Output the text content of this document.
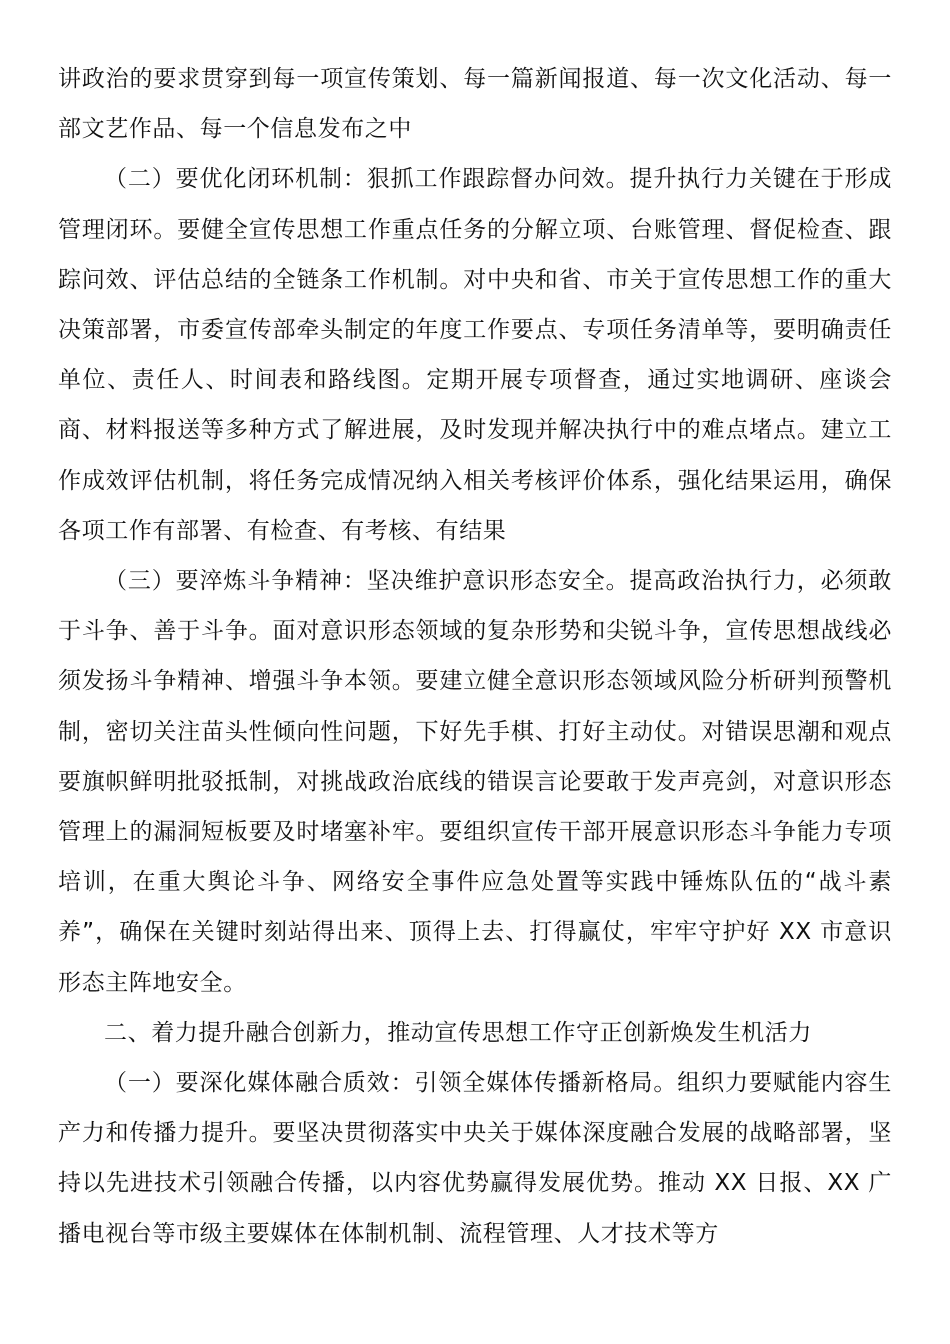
讲政治的要求贯穿到每一项宣传策划、每一篇新闻报道、每一次文化活动、每一部文艺作品、每一个信息发布之中

（二）要优化闭环机制：狠抓工作跟踪督办问效。提升执行力关键在于形成管理闭环。要健全宣传思想工作重点任务的分解立项、台账管理、督促检查、跟踪问效、评估总结的全链条工作机制。对中央和省、市关于宣传思想工作的重大决策部署，市委宣传部牵头制定的年度工作要点、专项任务清单等，要明确责任单位、责任人、时间表和路线图。定期开展专项督查，通过实地调研、座谈会商、材料报送等多种方式了解进展，及时发现并解决执行中的难点堵点。建立工作成效评估机制，将任务完成情况纳入相关考核评价体系，强化结果运用，确保各项工作有部署、有检查、有考核、有结果

（三）要淬炼斗争精神：坚决维护意识形态安全。提高政治执行力，必须敢于斗争、善于斗争。面对意识形态领域的复杂形势和尖锐斗争，宣传思想战线必须发扬斗争精神、增强斗争本领。要建立健全意识形态领域风险分析研判预警机制，密切关注苗头性倾向性问题，下好先手棋、打好主动仗。对错误思潮和观点要旗帜鲜明批驳抵制，对挑战政治底线的错误言论要敢于发声亮剑，对意识形态管理上的漏洞短板要及时堵塞补牢。要组织宣传干部开展意识形态斗争能力专项培训，在重大舆论斗争、网络安全事件应急处置等实践中锤炼队伍的“战斗素养”，确保在关键时刻站得出来、顶得上去、打得赢仗，牢牢守护好 XX 市意识形态主阵地安全。

二、着力提升融合创新力，推动宣传思想工作守正创新焕发生机活力

（一）要深化媒体融合质效：引领全媒体传播新格局。组织力要赋能内容生产力和传播力提升。要坚决贯彻落实中央关于媒体深度融合发展的战略部署，坚持以先进技术引领融合传播，以内容优势赢得发展优势。推动 XX 日报、XX 广播电视台等市级主要媒体在体制机制、流程管理、人才技术等方
